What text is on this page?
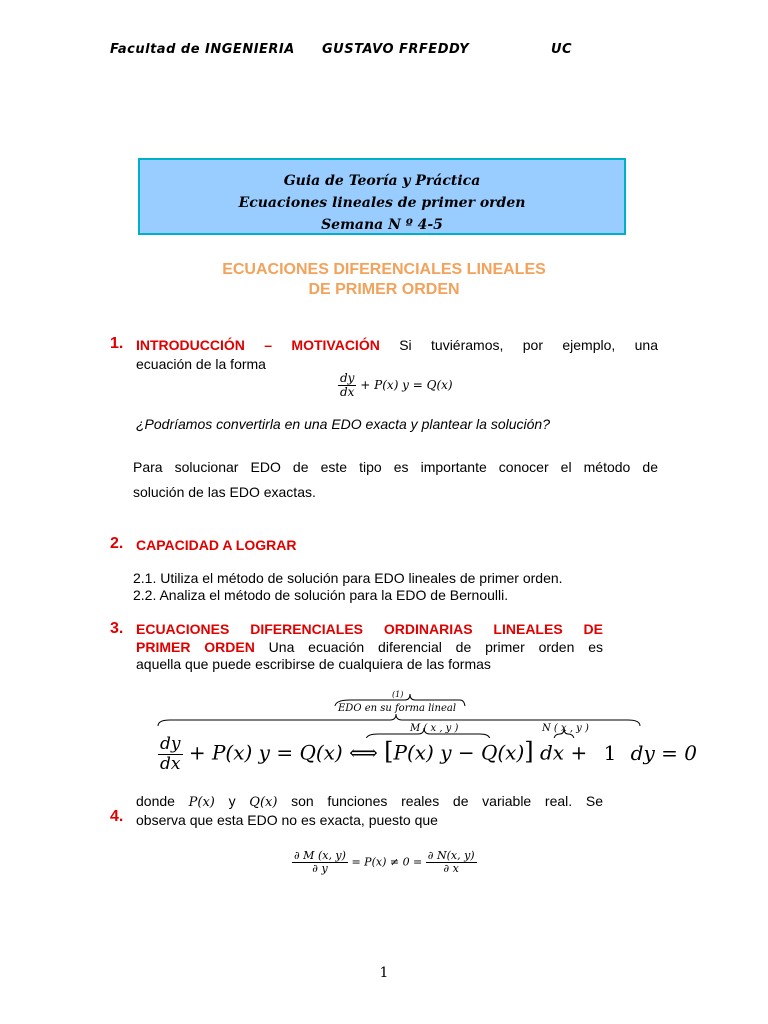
Facultad de INGENIERIA GUSTAVO FRFEDDY	UC
Guia de Teoría y Práctica
Ecuaciones lineales de primer orden
Semana N º 4-5
ECUACIONES DIFERENCIALES LINEALES
DE PRIMER ORDEN
1. INTRODUCCIÓN – MOTIVACIÓN Si tuviéramos, por ejemplo, una
ecuación de la forma
$\frac{dy}{dx} + P(x) y = Q(x)$
¿Podríamos convertirla en una EDO exacta y plantear la solución?
Para solucionar EDO de este tipo es importante conocer el método de
solución de las EDO exactas.
2. CAPACIDAD A LOGRAR
2.1. Utiliza el método de solución para EDO lineales de primer orden.
2.2. Analiza el método de solución para la EDO de Bernoulli.
3. ECUACIONES DIFERENCIALES ORDINARIAS LINEALES DE
PRIMER ORDEN Una ecuación diferencial de primer orden es
aquella que puede escribirse de cualquiera de las formas
(1)
EDO en su forma lineal
M ( x , y )	N ( x , y )
$\frac{dy}{dx} + P(x) y = Q(x)$ ⟺ [P(x) y − Q(x)] dx + 1 dy = 0
donde P(x) y Q(x) son funciones reales de variable real. Se
4. observa que esta EDO no es exacta, puesto que
$\frac{\partial M (x, y)}{\partial y} = P(x) \ne 0 = \frac{\partial N(x, y)}{\partial x}$
1
